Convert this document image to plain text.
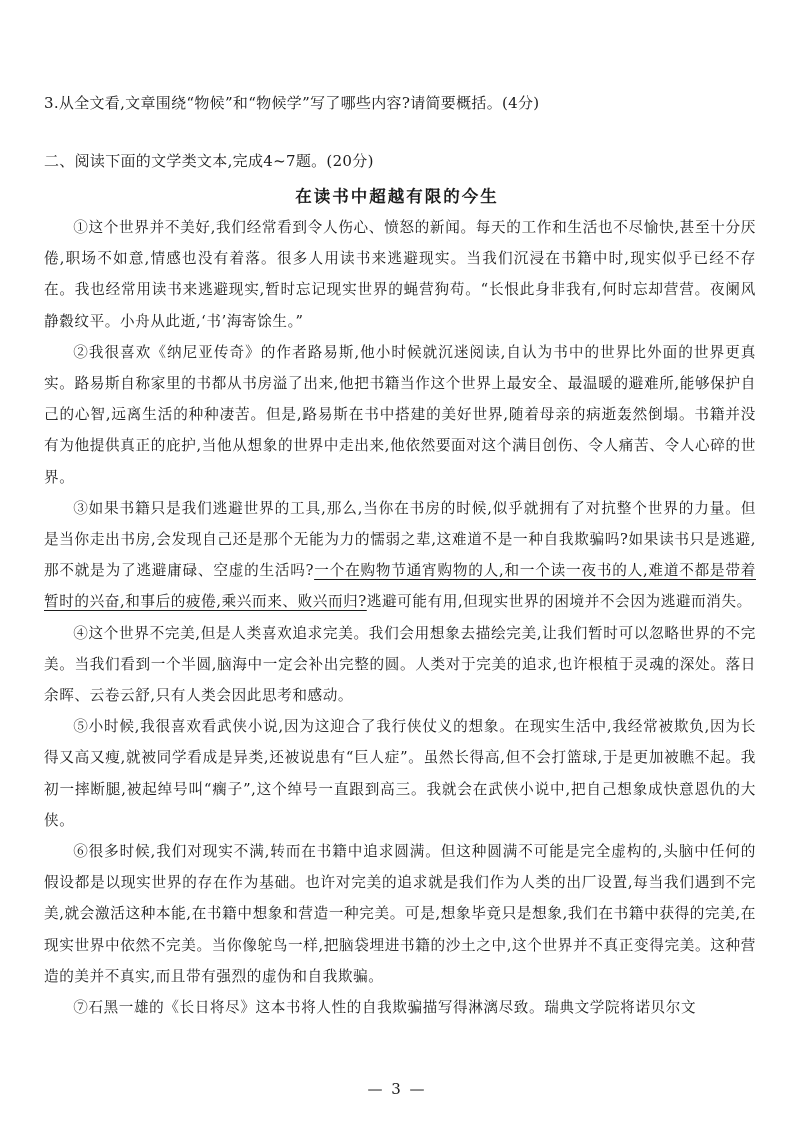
3.从全文看,文章围绕“物候”和“物候学”写了哪些内容?请简要概括。(4分)
二、阅读下面的文学类文本,完成4~7题。(20分)
在读书中超越有限的今生

①这个世界并不美好,我们经常看到令人伤心、愤怒的新闻。每天的工作和生活也不尽愉快,甚至十分厌倦,职场不如意,情感也没有着落。很多人用读书来逃避现实。当我们沉浸在书籍中时,现实似乎已经不存在。我也经常用读书来逃避现实,暂时忘记现实世界的蝇营狗苟。“长恨此身非我有,何时忘却营营。夜阑风静縠纹平。小舟从此逝,‘书’海寄馀生。”

②我很喜欢《纳尼亚传奇》的作者路易斯,他小时候就沉迷阅读,自认为书中的世界比外面的世界更真实。路易斯自称家里的书都从书房溢了出来,他把书籍当作这个世界上最安全、最温暖的避难所,能够保护自己的心智,远离生活的种种凄苦。但是,路易斯在书中搭建的美好世界,随着母亲的病逝轰然倒塌。书籍并没有为他提供真正的庇护,当他从想象的世界中走出来,他依然要面对这个满目创伤、令人痛苦、令人心碎的世界。

③如果书籍只是我们逃避世界的工具,那么,当你在书房的时候,似乎就拥有了对抗整个世界的力量。但是当你走出书房,会发现自己还是那个无能为力的懦弱之辈,这难道不是一种自我欺骗吗?如果读书只是逃避,那不就是为了逃避庸碌、空虚的生活吗?一个在购物节通宵购物的人,和一个读一夜书的人,难道不都是带着暂时的兴奋,和事后的疲倦,乘兴而来、败兴而归?逃避可能有用,但现实世界的困境并不会因为逃避而消失。

④这个世界不完美,但是人类喜欢追求完美。我们会用想象去描绘完美,让我们暂时可以忽略世界的不完美。当我们看到一个半圆,脑海中一定会补出完整的圆。人类对于完美的追求,也许根植于灵魂的深处。落日余晖、云卷云舒,只有人类会因此思考和感动。

⑤小时候,我很喜欢看武侠小说,因为这迎合了我行侠仗义的想象。在现实生活中,我经常被欺负,因为长得又高又瘦,就被同学看成是异类,还被说患有“巨人症”。虽然长得高,但不会打篮球,于是更加被瞧不起。我初一摔断腿,被起绰号叫“瘸子”,这个绰号一直跟到高三。我就会在武侠小说中,把自己想象成快意恩仇的大侠。

⑥很多时候,我们对现实不满,转而在书籍中追求圆满。但这种圆满不可能是完全虚构的,头脑中任何的假设都是以现实世界的存在作为基础。也许对完美的追求就是我们作为人类的出厂设置,每当我们遇到不完美,就会激活这种本能,在书籍中想象和营造一种完美。可是,想象毕竟只是想象,我们在书籍中获得的完美,在现实世界中依然不完美。当你像鸵鸟一样,把脑袋埋进书籍的沙土之中,这个世界并不真正变得完美。这种营造的美并不真实,而且带有强烈的虚伪和自我欺骗。

⑦石黑一雄的《长日将尽》这本书将人性的自我欺骗描写得淋漓尽致。瑞典文学院将诺贝尔文

— 3 —
